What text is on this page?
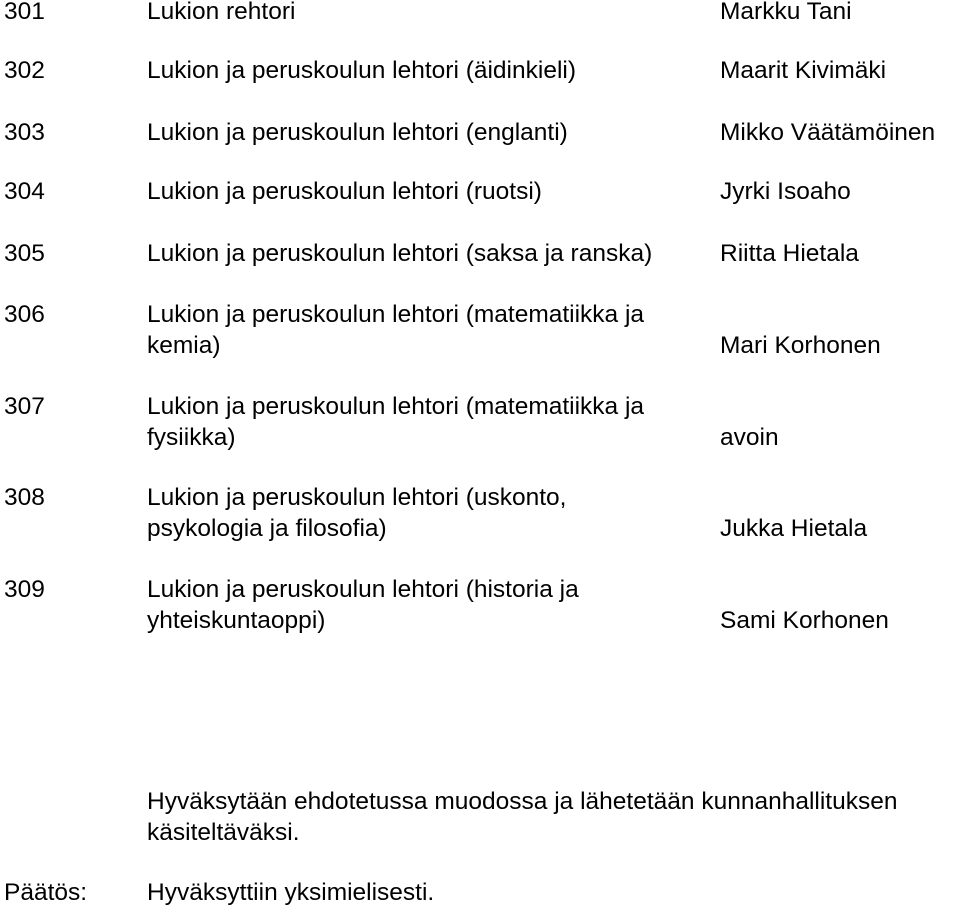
301	Lukion rehtori	Markku Tani
302	Lukion ja peruskoulun lehtori (äidinkieli)	Maarit Kivimäki
303	Lukion ja peruskoulun lehtori (englanti)	Mikko Väätämöinen
304	Lukion ja peruskoulun lehtori (ruotsi)	Jyrki Isoaho
305	Lukion ja peruskoulun lehtori (saksa ja ranska)	Riitta Hietala
306	Lukion ja peruskoulun lehtori (matematiikka ja
kemia)	Mari Korhonen
307	Lukion ja peruskoulun lehtori (matematiikka ja
fysiikka)	avoin
308	Lukion ja peruskoulun lehtori (uskonto,
psykologia ja filosofia)	Jukka Hietala
309	Lukion ja peruskoulun lehtori (historia ja
yhteiskuntaoppi)	Sami Korhonen
Hyväksytään ehdotetussa muodossa ja lähetetään kunnanhallituksen
käsiteltäväksi.
Päätös: Hyväksyttiin yksimielisesti.
